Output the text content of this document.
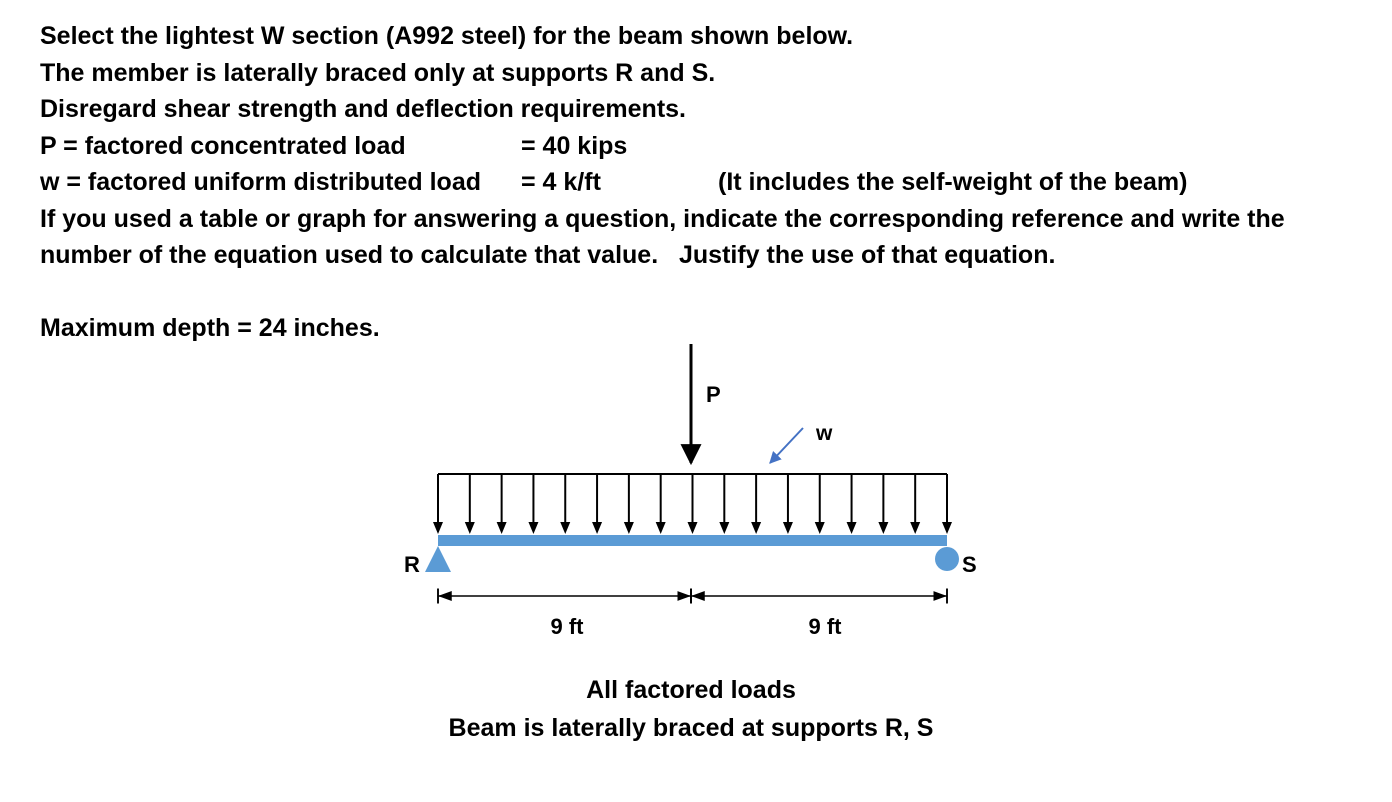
Select the lightest W section (A992 steel) for the beam shown below.
The member is laterally braced only at supports R and S.
Disregard shear strength and deflection requirements.
P = factored concentrated load	= 40 kips
w = factored uniform distributed load = 4 k/ft	(It includes the self-weight of the beam)
If you used a table or graph for answering a question, indicate the corresponding reference and write the number of the equation used to calculate that value. Justify the use of that equation.
Maximum depth = 24 inches.
P
w
R	S
9 ft	9 ft
All factored loads
Beam is laterally braced at supports R, S
